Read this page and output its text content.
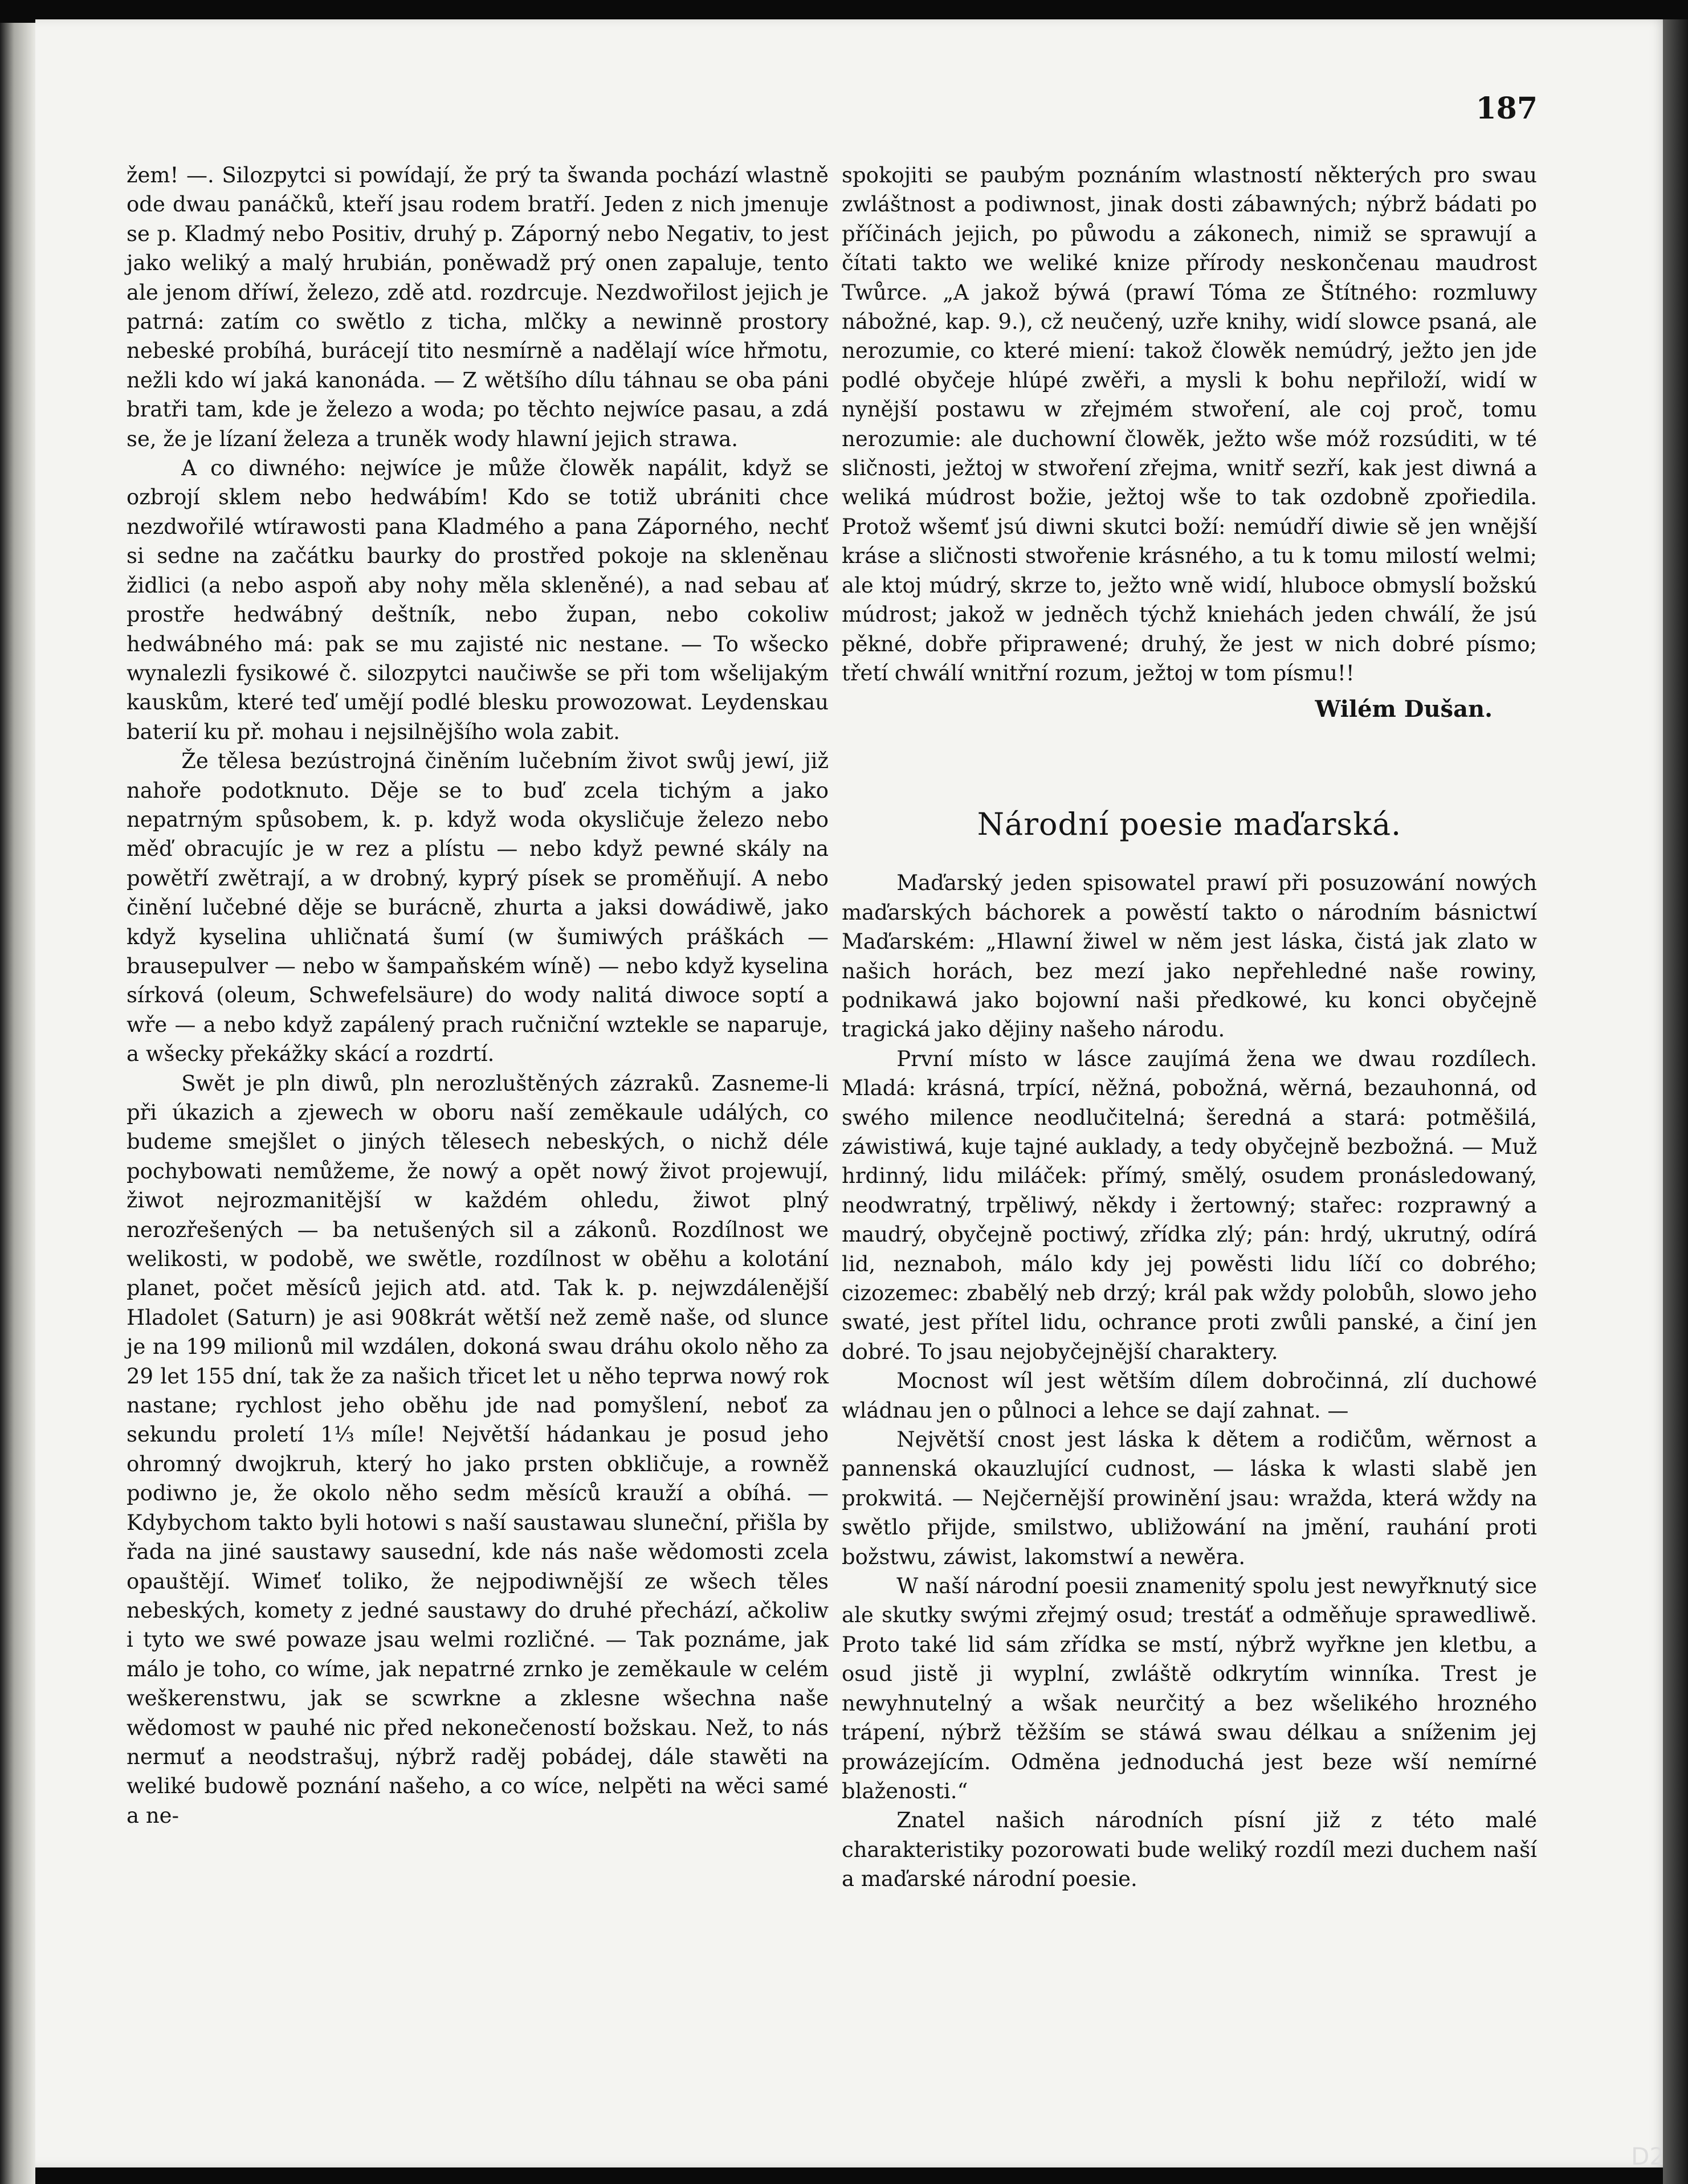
187

žem! —. Silozpytci si powídají, že prý ta šwanda pochází wlastně ode dwau panáčků, kteří jsau rodem bratří. Jeden z nich jmenuje se p. Kladmý nebo Positiv, druhý p. Záporný nebo Negativ, to jest jako weliký a malý hrubián, poněwadž prý onen zapaluje, tento ale jenom dříwí, železo, zdě atd. rozdrcuje. Nezdwořilost jejich je patrná: zatím co swětlo z ticha, mlčky a newinně prostory nebeské probíhá, burácejí tito nesmírně a nadělají wíce hřmotu, nežli kdo wí jaká kanonáda. — Z wětšího dílu táhnau se oba páni bratři tam, kde je železo a woda; po těchto nejwíce pasau, a zdá se, že je lízaní železa a truněk wody hlawní jejich strawa.

A co diwného: nejwíce je může člowěk napálit, když se ozbrojí sklem nebo hedwábím! Kdo se totiž ubrániti chce nezdwořilé wtírawosti pana Kladmého a pana Záporného, nechť si sedne na začátku baurky do prostřed pokoje na skleněnau židlici (a nebo aspoň aby nohy měla skleněné), a nad sebau ať prostře hedwábný deštník, nebo župan, nebo cokoliw hedwábného má: pak se mu zajisté nic nestane. — To wšecko wynalezli fysikowé č. silozpytci naučiwše se při tom wšelijakým kauskům, které teď umějí podlé blesku prowozowat. Leydenskau baterií ku př. mohau i nejsilnějšího wola zabit.

Že tělesa bezústrojná činěním lučebním život swůj jewí, již nahoře podotknuto. Děje se to buď zcela tichým a jako nepatrným spůsobem, k. p. když woda okysličuje železo nebo měď obracujíc je w rez a plístu — nebo když pewné skály na powětří zwětrají, a w drobný, kyprý písek se proměňují. A nebo činění lučebné děje se burácně, zhurta a jaksi dowádiwě, jako když kyselina uhličnatá šumí (w šumiwých práškách — brausepulver — nebo w šampaňském wíně) — nebo když kyselina sírková (oleum, Schwefelsäure) do wody nalitá diwoce soptí a wře — a nebo když zapálený prach ručniční wztekle se naparuje, a wšecky překážky skácí a rozdrtí.

Swět je pln diwů, pln nerozluštěných zázraků. Zasneme-li při úkazich a zjewech w oboru naší zeměkaule událých, co budeme smejšlet o jiných tělesech nebeských, o nichž déle pochybowati nemůžeme, že nowý a opět nowý život projewují, žiwot nejrozmanitější w každém ohledu, žiwot plný nerozřešených — ba netušených sil a zákonů. Rozdílnost we welikosti, w podobě, we swětle, rozdílnost w oběhu a kolotání planet, počet měsíců jejich atd. atd. Tak k. p. nejwzdálenější Hladolet (Saturn) je asi 908krát wětší než země naše, od slunce je na 199 milionů mil wzdálen, dokoná swau dráhu okolo něho za 29 let 155 dní, tak že za našich třicet let u něho teprwa nowý rok nastane; rychlost jeho oběhu jde nad pomyšlení, neboť za sekundu proletí 1⅓ míle! Největší hádankau je posud jeho ohromný dwojkruh, který ho jako prsten obkličuje, a rowněž podiwno je, že okolo něho sedm měsíců krauží a obíhá. — Kdybychom takto byli hotowi s naší saustawau sluneční, přišla by řada na jiné saustawy sausední, kde nás naše wědomosti zcela opauštějí. Wimeť toliko, že nejpodiwnější ze wšech těles nebeských, komety z jedné saustawy do druhé přechází, ačkoliw i tyto we swé powaze jsau welmi rozličné. — Tak poznáme, jak málo je toho, co wíme, jak nepatrné zrnko je zeměkaule w celém weškerenstwu, jak se scwrkne a zklesne wšechna naše wědomost w pauhé nic před nekonečeností božskau. Než, to nás nermuť a neodstrašuj, nýbrž raděj pobádej, dále stawěti na weliké budowě poznání našeho, a co wíce, nelpěti na wěci samé a ne-

spokojiti se paubým poznáním wlastností některých pro swau zwláštnost a podiwnost, jinak dosti zábawných; nýbrž bádati po příčinách jejich, po půwodu a zákonech, nimiž se sprawují a čítati takto we weliké knize přírody neskončenau maudrost Twůrce. „A jakož býwá (prawí Tóma ze Štítného: rozmluwy nábožné, kap. 9.), cž neučený, uzře knihy, widí slowce psaná, ale nerozumie, co které miení: takož člowěk nemúdrý, ježto jen jde podlé obyčeje hlúpé zwěři, a mysli k bohu nepřiloží, widí w nynější postawu w zřejmém stwoření, ale coj proč, tomu nerozumie: ale duchowní člowěk, ježto wše móž rozsúditi, w té sličnosti, ježtoj w stwoření zřejma, wnitř sezří, kak jest diwná a weliká múdrost božie, ježtoj wše to tak ozdobně zpořiedila. Protož wšemť jsú diwni skutci boží: nemúdří diwie sě jen wnější kráse a sličnosti stwořenie krásného, a tu k tomu milostí welmi; ale ktoj múdrý, skrze to, ježto wně widí, hluboce obmyslí božskú múdrost; jakož w jedněch týchž kniehách jeden chwálí, že jsú pěkné, dobře připrawené; druhý, že jest w nich dobré písmo; třetí chwálí wnitřní rozum, ježtoj w tom písmu!!

Wilém Dušan.
Národní poesie maďarská.

Maďarský jeden spisowatel prawí při posuzowání nowých maďarských báchorek a powěstí takto o národním básnictwí Maďarském: „Hlawní žiwel w něm jest láska, čistá jak zlato w našich horách, bez mezí jako nepřehledné naše rowiny, podnikawá jako bojowní naši předkowé, ku konci obyčejně tragická jako dějiny našeho národu.

První místo w lásce zaujímá žena we dwau rozdílech. Mladá: krásná, trpící, něžná, pobožná, wěrná, bezauhonná, od swého milence neodlučitelná; šeredná a stará: potměšilá, záwistiwá, kuje tajné auklady, a tedy obyčejně bezbožná. — Muž hrdinný, lidu miláček: přímý, smělý, osudem pronásledowaný, neodwratný, trpěliwý, někdy i žertowný; stařec: rozprawný a maudrý, obyčejně poctiwý, zřídka zlý; pán: hrdý, ukrutný, odírá lid, neznaboh, málo kdy jej powěsti lidu líčí co dobrého; cizozemec: zbabělý neb drzý; král pak wždy polobůh, slowo jeho swaté, jest přítel lidu, ochrance proti zwůli panské, a činí jen dobré. To jsau nejobyčejnější charaktery.

Mocnost wíl jest wětším dílem dobročinná, zlí duchowé wládnau jen o půlnoci a lehce se dají zahnat. —

Největší cnost jest láska k dětem a rodičům, wěrnost a pannenská okauzlující cudnost, — láska k wlasti slabě jen prokwitá. — Nejčernější prowinění jsau: wražda, která wždy na swětlo přijde, smilstwo, ubližowání na jmění, rauhání proti božstwu, záwist, lakomstwí a newěra.

W naší národní poesii znamenitý spolu jest newyřknutý sice ale skutky swými zřejmý osud; trestáť a odměňuje sprawedliwě. Proto také lid sám zřídka se mstí, nýbrž wyřkne jen kletbu, a osud jistě ji wyplní, zwláště odkrytím winníka. Trest je newyhnutelný a wšak neurčitý a bez wšelikého hrozného trápení, nýbrž těžším se stáwá swau délkau a sníženim jej prowázejícím. Odměna jednoduchá jest beze wší nemírné blaženosti.“

Znatel našich národních písní již z této malé charakteristiky pozorowati bude weliký rozdíl mezi duchem naší a maďarské národní poesie.

D2
